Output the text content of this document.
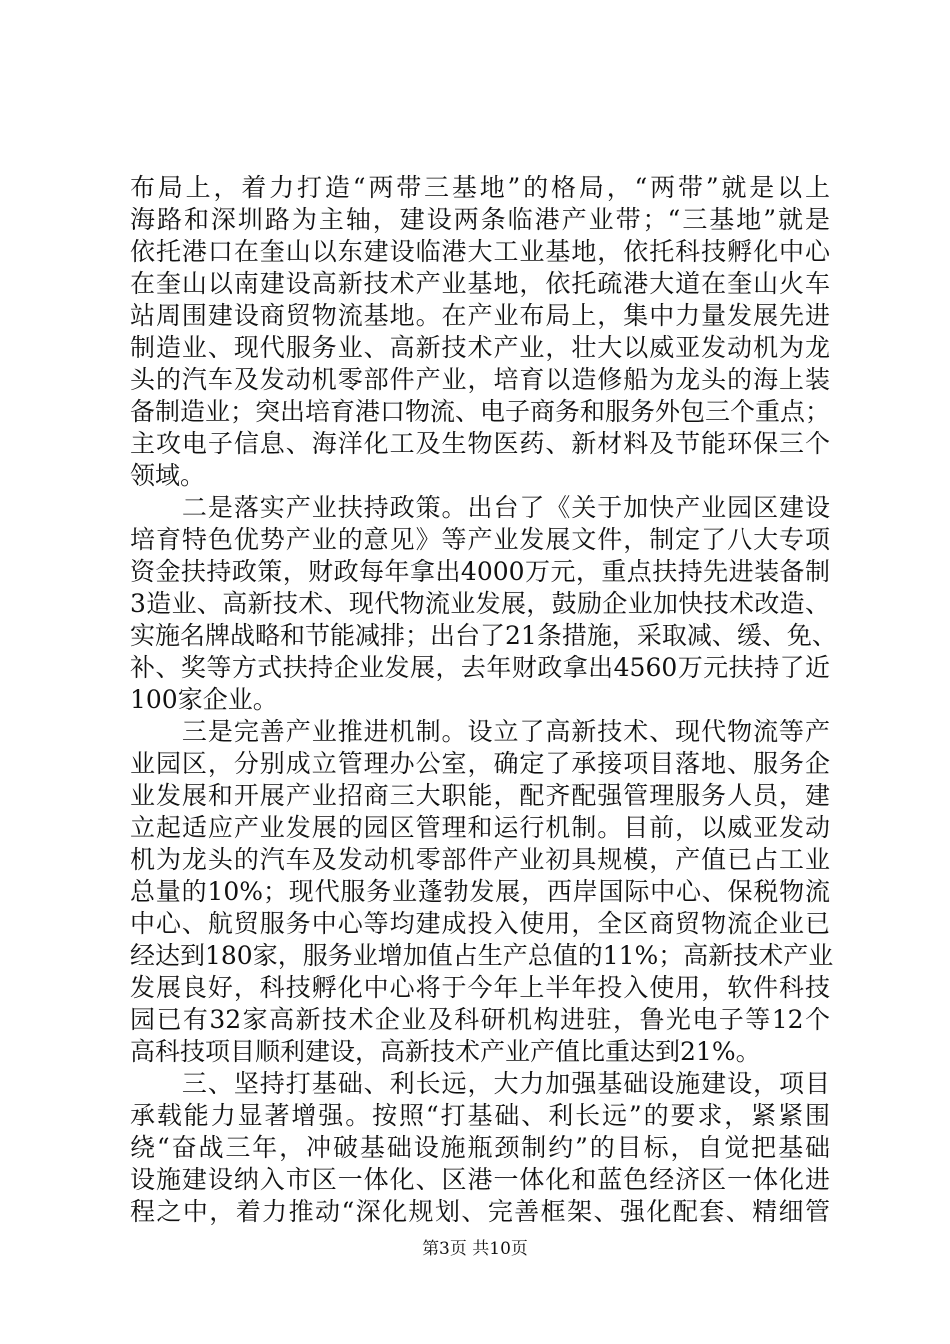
布局上，着力打造“两带三基地”的格局，“两带”就是以上
海路和深圳路为主轴，建设两条临港产业带；“三基地”就是
依托港口在奎山以东建设临港大工业基地，依托科技孵化中心
在奎山以南建设高新技术产业基地，依托疏港大道在奎山火车
站周围建设商贸物流基地。在产业布局上，集中力量发展先进
制造业、现代服务业、高新技术产业，壮大以威亚发动机为龙
头的汽车及发动机零部件产业，培育以造修船为龙头的海上装
备制造业；突出培育港口物流、电子商务和服务外包三个重点；
主攻电子信息、海洋化工及生物医药、新材料及节能环保三个
领域。
　　二是落实产业扶持政策。出台了《关于加快产业园区建设
培育特色优势产业的意见》等产业发展文件，制定了八大专项
资金扶持政策，财政每年拿出4000万元，重点扶持先进装备制
3造业、高新技术、现代物流业发展，鼓励企业加快技术改造、
实施名牌战略和节能减排；出台了21条措施，采取减、缓、免、
补、奖等方式扶持企业发展，去年财政拿出4560万元扶持了近
100家企业。
　　三是完善产业推进机制。设立了高新技术、现代物流等产
业园区，分别成立管理办公室，确定了承接项目落地、服务企
业发展和开展产业招商三大职能，配齐配强管理服务人员，建
立起适应产业发展的园区管理和运行机制。目前，以威亚发动
机为龙头的汽车及发动机零部件产业初具规模，产值已占工业
总量的10%；现代服务业蓬勃发展，西岸国际中心、保税物流
中心、航贸服务中心等均建成投入使用，全区商贸物流企业已
经达到180家，服务业增加值占生产总值的11%；高新技术产业
发展良好，科技孵化中心将于今年上半年投入使用，软件科技
园已有32家高新技术企业及科研机构进驻，鲁光电子等12个
高科技项目顺利建设，高新技术产业产值比重达到21%。
　　三、坚持打基础、利长远，大力加强基础设施建设，项目
承载能力显著增强。按照“打基础、利长远”的要求，紧紧围
绕“奋战三年，冲破基础设施瓶颈制约”的目标，自觉把基础
设施建设纳入市区一体化、区港一体化和蓝色经济区一体化进
程之中，着力推动“深化规划、完善框架、强化配套、精细管
第3页 共10页
